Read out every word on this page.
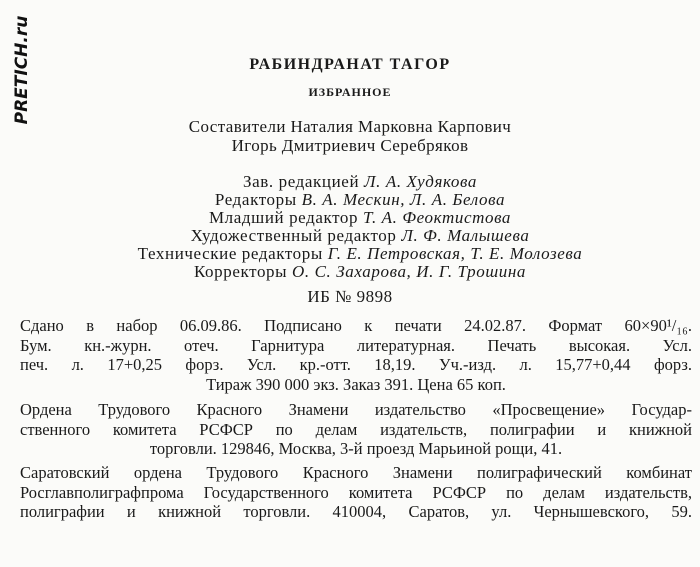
PRETICH.ru	РАБИНДРАНАТ ТАГОР
ИЗБРАННОЕ
Составители Наталия Марковна Карпович
Игорь Дмитриевич Серебряков
Зав. редакцией Л. А. Худякова
Редакторы В. А. Мескин, Л. А. Белова
Младший редактор Т. А. Феоктистова
Художественный редактор Л. Ф. Малышева
Технические редакторы Г. Е. Петровская, Т. Е. Молозева
Корректоры О. С. Захарова, И. Г. Трошина
ИБ № 9898
Сдано в набор 06.09.86. Подписано к печати 24.02.87. Формат 60×90¹/₁₆.
Бум. кн.-журн. отеч. Гарнитура литературная. Печать высокая. Усл.
печ. л. 17+0,25 форз. Усл. кр.-отт. 18,19. Уч.-изд. л. 15,77+0,44 форз.
Тираж 390 000 экз. Заказ 391. Цена 65 коп.
Ордена Трудового Красного Знамени издательство «Просвещение» Государ-
ственного комитета РСФСР по делам издательств, полиграфии и книжной
торговли. 129846, Москва, 3-й проезд Марьиной рощи, 41.
Саратовский ордена Трудового Красного Знамени полиграфический комбинат
Росглавполиграфпрома Государственного комитета РСФСР по делам издательств,
полиграфии и книжной торговли. 410004, Саратов, ул. Чернышевского, 59.
